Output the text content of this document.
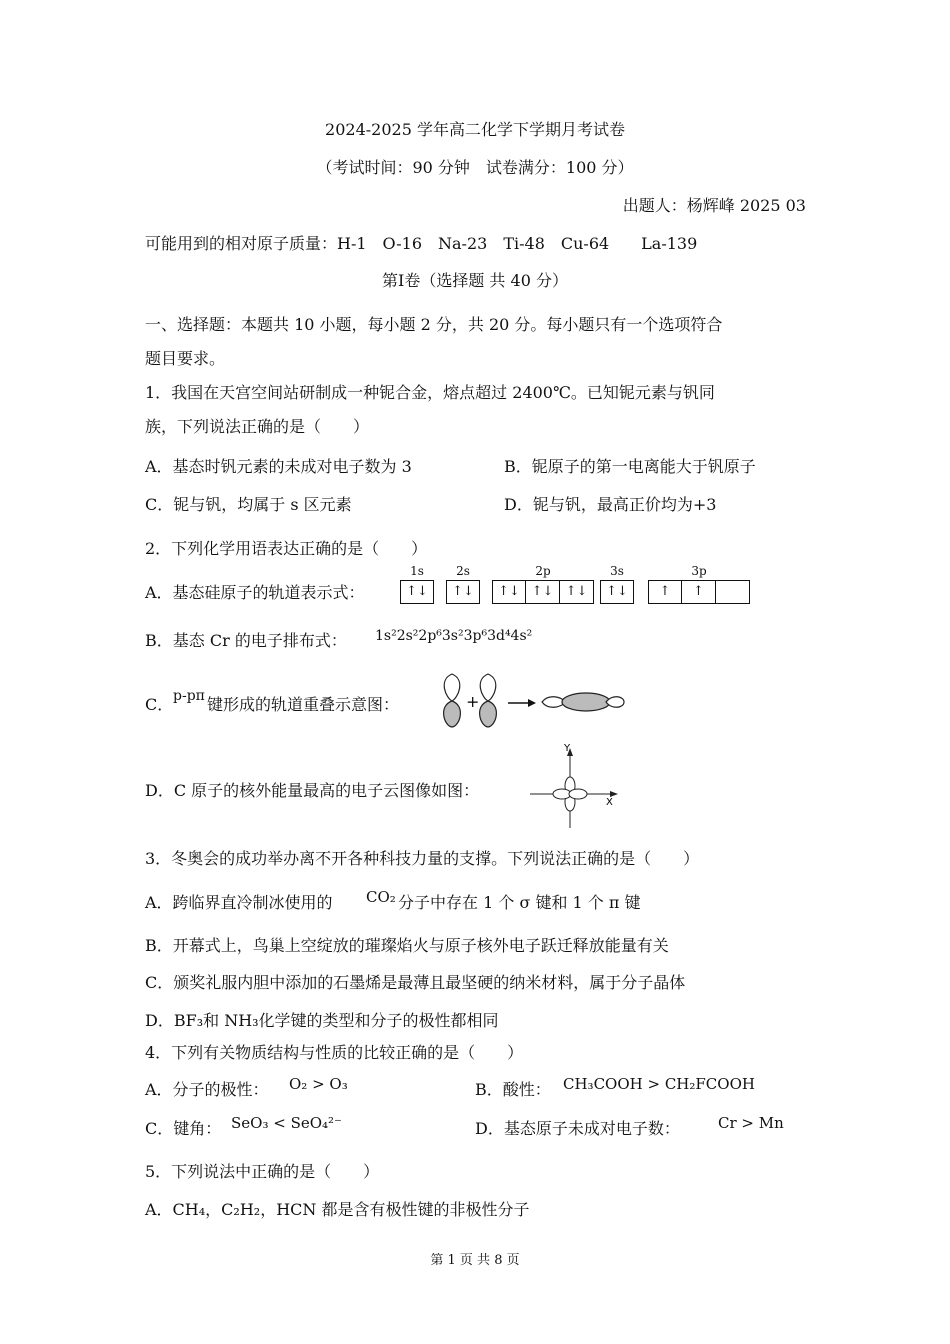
2024-2025 学年高二化学下学期月考试卷
（考试时间：90 分钟　试卷满分：100 分）
出题人：杨辉峰 2025 03
可能用到的相对原子质量：H-1　O-16　Na-23　Ti-48　Cu-64　　La-139
第Ⅰ卷（选择题 共 40 分）
一、选择题：本题共 10 小题，每小题 2 分，共 20 分。每小题只有一个选项符合
题目要求。
1．我国在天宫空间站研制成一种铌合金，熔点超过 2400℃。已知铌元素与钒同
族，下列说法正确的是（　　）
A．基态时钒元素的未成对电子数为 3	B．铌原子的第一电离能大于钒原子
C．铌与钒，均属于 s 区元素	D．铌与钒，最高正价均为+3
2．下列化学用语表达正确的是（　　）
A．基态硅原子的轨道表示式：
1s
↑↓
2s
↑↓
2p
↑↓ ↑↓ ↑↓
3s
↑↓
3p
↑ ↑
B．基态 Cr 的电子排布式： 1s²2s²2p⁶3s²3p⁶3d⁴4s²
C． p-pπ 键形成的轨道重叠示意图：	+
D．C 原子的核外能量最高的电子云图像如图：
Y
X
3．冬奥会的成功举办离不开各种科技力量的支撑。下列说法正确的是（　　）
A．跨临界直冷制冰使用的 CO₂ 分子中存在 1 个 σ 键和 1 个 π 键
B．开幕式上，鸟巢上空绽放的璀璨焰火与原子核外电子跃迁释放能量有关
C．颁奖礼服内胆中添加的石墨烯是最薄且最坚硬的纳米材料，属于分子晶体
D．BF₃和 NH₃化学键的类型和分子的极性都相同
4．下列有关物质结构与性质的比较正确的是（　　）
A．分子的极性： O₂ > O₃	B．酸性： CH₃COOH > CH₂FCOOH
C．键角： SeO₃ < SeO₄²⁻	D．基态原子未成对电子数：	Cr > Mn
5．下列说法中正确的是（　　）
A．CH₄，C₂H₂，HCN 都是含有极性键的非极性分子
第 1 页 共 8 页
